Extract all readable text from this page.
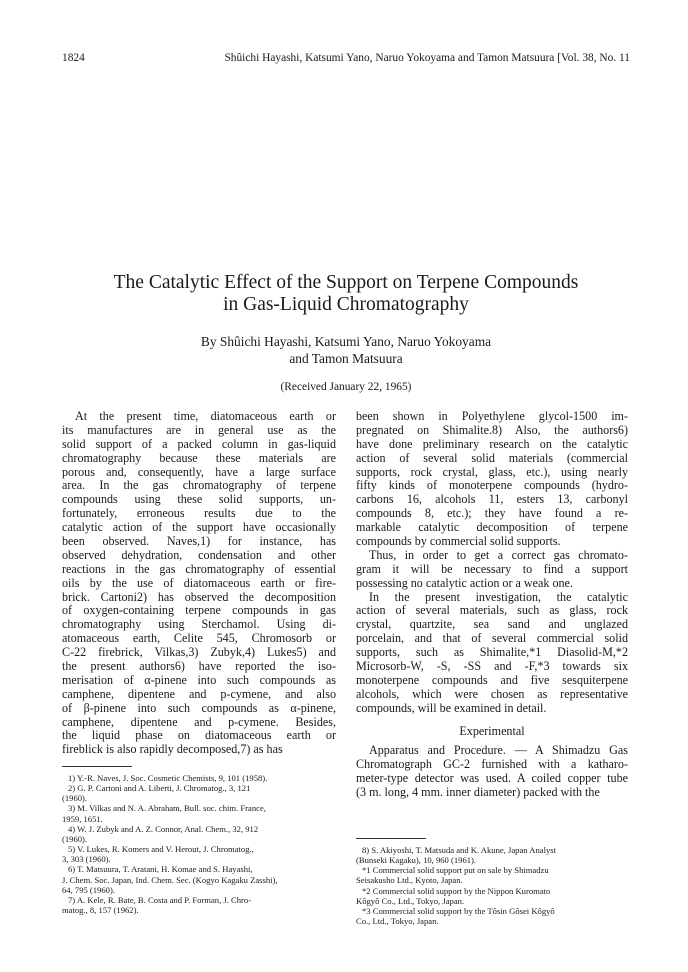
1824	Shûichi Hayashi, Katsumi Yano, Naruo Yokoyama and Tamon Matsuura [Vol. 38, No. 11
The Catalytic Effect of the Support on Terpene Compounds
in Gas-Liquid Chromatography
By Shûichi Hayashi, Katsumi Yano, Naruo Yokoyama
and Tamon Matsuura
(Received January 22, 1965)
At the present time, diatomaceous earth or
its manufactures are in general use as the
solid support of a packed column in gas-liquid
chromatography because these materials are
porous and, consequently, have a large surface
area. In the gas chromatography of terpene
compounds using these solid supports, un-
fortunately, erroneous results due to the
catalytic action of the support have occasionally
been observed. Naves,1) for instance, has
observed dehydration, condensation and other
reactions in the gas chromatography of essential
oils by the use of diatomaceous earth or fire-
brick. Cartoni2) has observed the decomposition
of oxygen-containing terpene compounds in gas
chromatography using Sterchamol. Using di-
atomaceous earth, Celite 545, Chromosorb or
C-22 firebrick, Vilkas,3) Zubyk,4) Lukes5) and
the present authors6) have reported the iso-
merisation of α-pinene into such compounds as
camphene, dipentene and p-cymene, and also
of β-pinene into such compounds as α-pinene,
camphene, dipentene and p-cymene. Besides,
the liquid phase on diatomaceous earth or
fireblick is also rapidly decomposed,7) as has
been shown in Polyethylene glycol-1500 im-
pregnated on Shimalite.8) Also, the authors6)
have done preliminary research on the catalytic
action of several solid materials (commercial
supports, rock crystal, glass, etc.), using nearly
fifty kinds of monoterpene compounds (hydro-
carbons 16, alcohols 11, esters 13, carbonyl
compounds 8, etc.); they have found a re-
markable catalytic decomposition of terpene
compounds by commercial solid supports.
Thus, in order to get a correct gas chromato-
gram it will be necessary to find a support
possessing no catalytic action or a weak one.
In the present investigation, the catalytic
action of several materials, such as glass, rock
crystal, quartzite, sea sand and unglazed
porcelain, and that of several commercial solid
supports, such as Shimalite,*1 Diasolid-M,*2
Microsorb-W, -S, -SS and -F,*3 towards six
monoterpene compounds and five sesquiterpene
alcohols, which were chosen as representative
compounds, will be examined in detail.
Experimental
Apparatus and Procedure. — A Shimadzu Gas
Chromatograph GC-2 furnished with a katharo-
meter-type detector was used. A coiled copper tube
(3 m. long, 4 mm. inner diameter) packed with the
1) Y.-R. Naves, J. Soc. Cosmetic Chemists, 9, 101 (1958).
2) G. P. Cartoni and A. Liberti, J. Chromatog., 3, 121
(1960).
3) M. Vilkas and N. A. Abraham, Bull. soc. chim. France,
1959, 1651.
4) W. J. Zubyk and A. Z. Connor, Anal. Chem., 32, 912
(1960).
5) V. Lukes, R. Komers and V. Herout, J. Chromatog.,
3, 303 (1960).
6) T. Matsuura, T. Aratani, H. Komae and S. Hayashi,
J. Chem. Soc. Japan, Ind. Chem. Sec. (Kogyo Kagaku Zasshi),
64, 795 (1960).
7) A. Kele, R. Bate, B. Costa and P. Forman, J. Chro-
matog., 8, 157 (1962).
8) S. Akiyoshi, T. Matsuda and K. Akune, Japan Analyst
(Bunseki Kagaku), 10, 960 (1961).
*1 Commercial solid support put on sale by Shimadzu
Seisakusho Ltd., Kyoto, Japan.
*2 Commercial solid support by the Nippon Kuromato
Kôgyô Co., Ltd., Tokyo, Japan.
*3 Commercial solid support by the Tôsin Gôsei Kôgyô
Co., Ltd., Tokyo, Japan.
